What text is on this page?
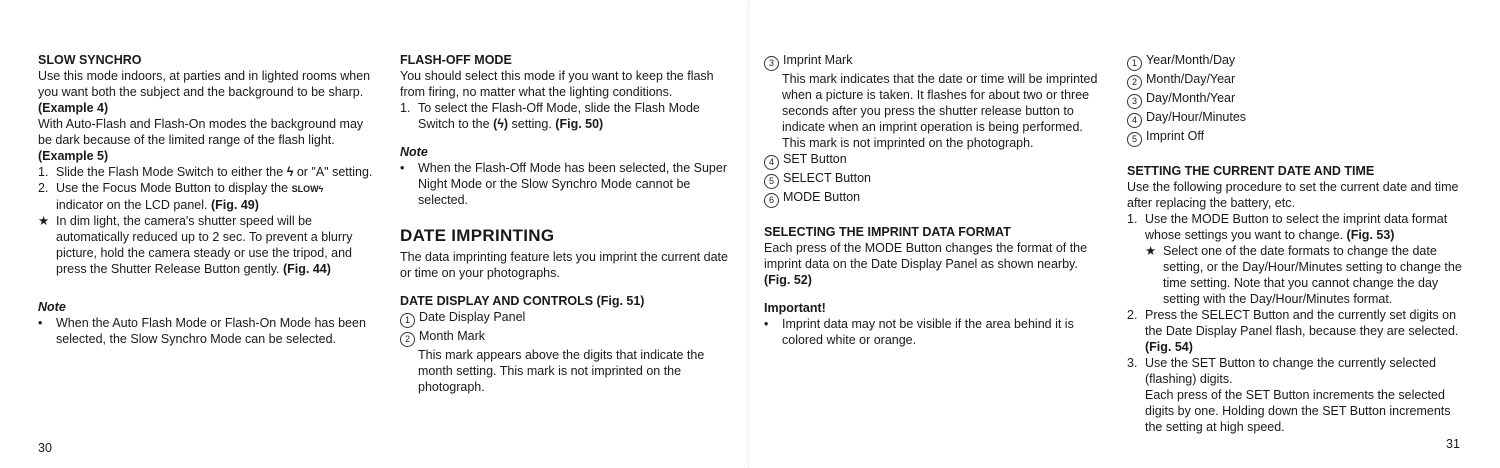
SLOW SYNCHRO
Use this mode indoors, at parties and in lighted rooms when you want both the subject and the background to be sharp. (Example 4)
With Auto-Flash and Flash-On modes the background may be dark because of the limited range of the flash light. (Example 5)
1. Slide the Flash Mode Switch to either the ϟ or "A" setting.
2. Use the Focus Mode Button to display the SLOWϟ indicator on the LCD panel. (Fig. 49)
★ In dim light, the camera's shutter speed will be automatically reduced up to 2 sec. To prevent a blurry picture, hold the camera steady or use the tripod, and press the Shutter Release Button gently. (Fig. 44)
Note
• When the Auto Flash Mode or Flash-On Mode has been selected, the Slow Synchro Mode can be selected.
FLASH-OFF MODE
You should select this mode if you want to keep the flash from firing, no matter what the lighting conditions.
1. To select the Flash-Off Mode, slide the Flash Mode Switch to the (ϟ) setting. (Fig. 50)
Note
• When the Flash-Off Mode has been selected, the Super Night Mode or the Slow Synchro Mode cannot be selected.
DATE IMPRINTING
The data imprinting feature lets you imprint the current date or time on your photographs.
DATE DISPLAY AND CONTROLS (Fig. 51)
1 Date Display Panel
2 Month Mark
This mark appears above the digits that indicate the month setting. This mark is not imprinted on the photograph.
30
3 Imprint Mark
This mark indicates that the date or time will be imprinted when a picture is taken. It flashes for about two or three seconds after you press the shutter release button to indicate when an imprint operation is being performed. This mark is not imprinted on the photograph.
4 SET Button
5 SELECT Button
6 MODE Button
SELECTING THE IMPRINT DATA FORMAT
Each press of the MODE Button changes the format of the imprint data on the Date Display Panel as shown nearby. (Fig. 52)
Important!
• Imprint data may not be visible if the area behind it is colored white or orange.
1 Year/Month/Day
2 Month/Day/Year
3 Day/Month/Year
4 Day/Hour/Minutes
5 Imprint Off
SETTING THE CURRENT DATE AND TIME
Use the following procedure to set the current date and time after replacing the battery, etc.
1. Use the MODE Button to select the imprint data format whose settings you want to change. (Fig. 53)
★ Select one of the date formats to change the date setting, or the Day/Hour/Minutes setting to change the time setting. Note that you cannot change the day setting with the Day/Hour/Minutes format.
2. Press the SELECT Button and the currently set digits on the Date Display Panel flash, because they are selected. (Fig. 54)
3. Use the SET Button to change the currently selected (flashing) digits.
Each press of the SET Button increments the selected digits by one. Holding down the SET Button increments the setting at high speed.
31
